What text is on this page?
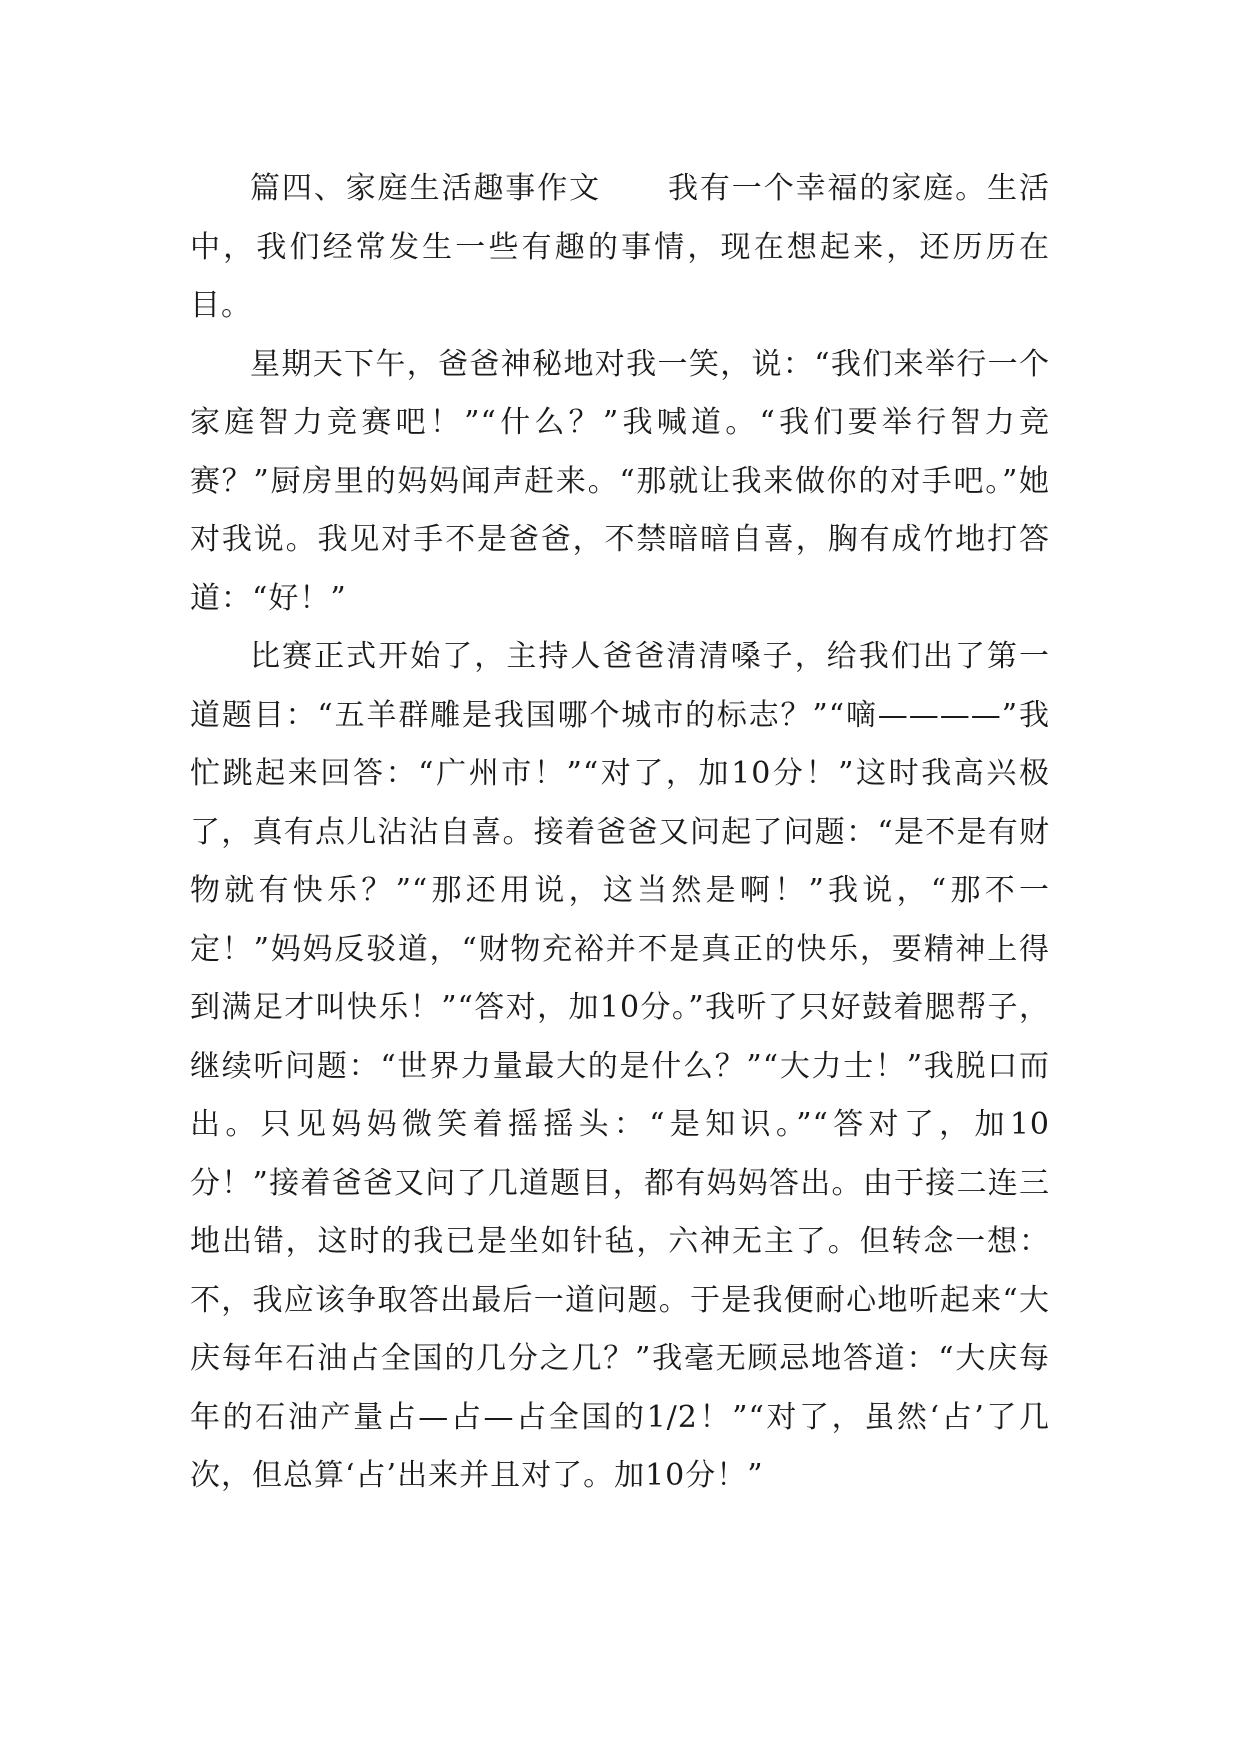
篇四、家庭生活趣事作文 我有一个幸福的家庭。生活中，我们经常发生一些有趣的事情，现在想起来，还历历在目。

星期天下午，爸爸神秘地对我一笑，说：“我们来举行一个家庭智力竞赛吧！”“什么？”我喊道。“我们要举行智力竞赛？”厨房里的妈妈闻声赶来。“那就让我来做你的对手吧。”她对我说。我见对手不是爸爸，不禁暗暗自喜，胸有成竹地打答道：“好！”

比赛正式开始了，主持人爸爸清清嗓子，给我们出了第一道题目：“五羊群雕是我国哪个城市的标志？”“嘀————”我忙跳起来回答：“广州市！”“对了，加10分！”这时我高兴极了，真有点儿沾沾自喜。接着爸爸又问起了问题：“是不是有财物就有快乐？”“那还用说，这当然是啊！”我说，“那不一定！”妈妈反驳道，“财物充裕并不是真正的快乐，要精神上得到满足才叫快乐！”“答对，加10分。”我听了只好鼓着腮帮子，继续听问题：“世界力量最大的是什么？”“大力士！”我脱口而出。只见妈妈微笑着摇摇头：“是知识。”“答对了，加10分！”接着爸爸又问了几道题目，都有妈妈答出。由于接二连三地出错，这时的我已是坐如针毡，六神无主了。但转念一想：不，我应该争取答出最后一道问题。于是我便耐心地听起来“大庆每年石油占全国的几分之几？”我毫无顾忌地答道：“大庆每年的石油产量占—占—占全国的1/2！”“对了，虽然‘占’了几次，但总算‘占’出来并且对了。加10分！”
